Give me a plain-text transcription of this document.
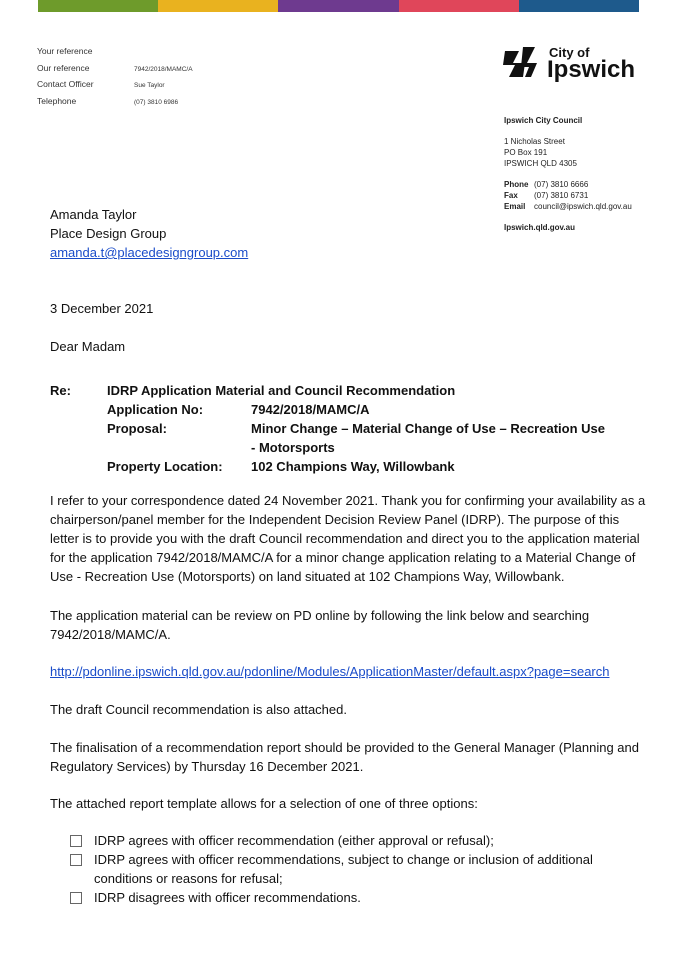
Your reference
Our reference	7942/2018/MAMC/A
Contact Officer	Sue Taylor
Telephone	(07) 3810 6986
City of
Ipswich
Ipswich City Council
1 Nicholas Street
PO Box 191
IPSWICH QLD 4305
Phone (07) 3810 6666
Fax (07) 3810 6731
Email council@ipswich.qld.gov.au
Ipswich.qld.gov.au
Amanda Taylor
Place Design Group
amanda.t@placedesigngroup.com
3 December 2021
Dear Madam
Re:	IDRP Application Material and Council Recommendation
Application No:	7942/2018/MAMC/A
Proposal:	Minor Change – Material Change of Use – Recreation Use - Motorsports
Property Location:	102 Champions Way, Willowbank
I refer to your correspondence dated 24 November 2021. Thank you for confirming your availability as a chairperson/panel member for the Independent Decision Review Panel (IDRP). The purpose of this letter is to provide you with the draft Council recommendation and direct you to the application material for the application 7942/2018/MAMC/A for a minor change application relating to a Material Change of Use - Recreation Use (Motorsports) on land situated at 102 Champions Way, Willowbank.
The application material can be review on PD online by following the link below and searching 7942/2018/MAMC/A.
http://pdonline.ipswich.qld.gov.au/pdonline/Modules/ApplicationMaster/default.aspx?page=search
The draft Council recommendation is also attached.
The finalisation of a recommendation report should be provided to the General Manager (Planning and Regulatory Services) by Thursday 16 December 2021.
The attached report template allows for a selection of one of three options:
IDRP agrees with officer recommendation (either approval or refusal);
IDRP agrees with officer recommendations, subject to change or inclusion of additional conditions or reasons for refusal;
IDRP disagrees with officer recommendations.
